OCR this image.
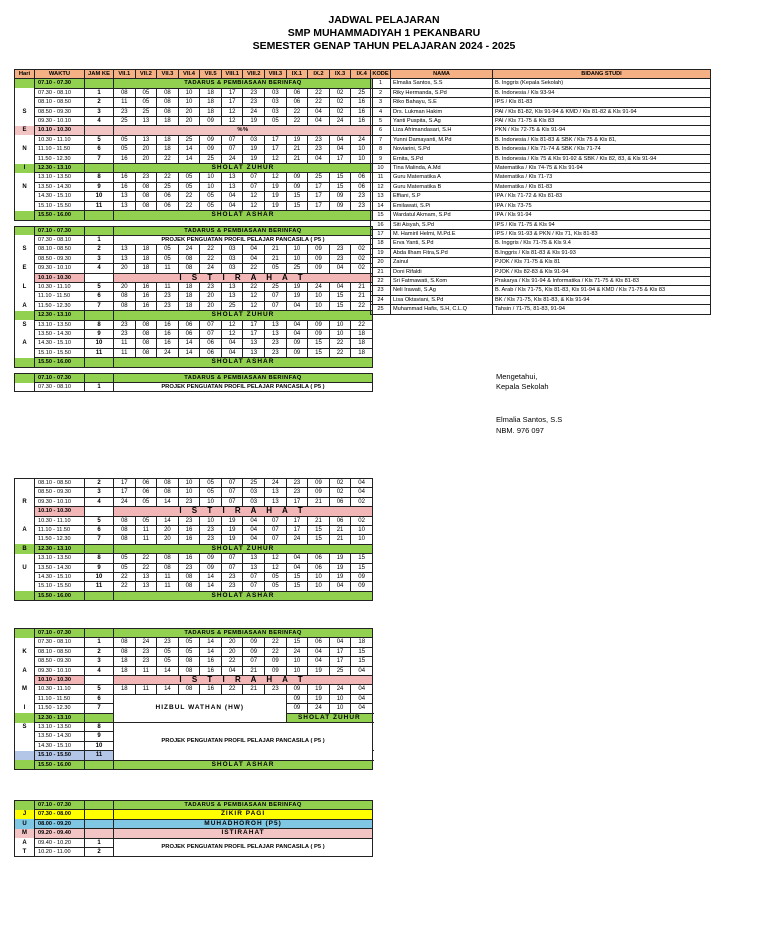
JADWAL PELAJARAN
SMP MUHAMMADIYAH 1 PEKANBARU
SEMESTER GENAP TAHUN PELAJARAN 2024 - 2025
Hari	WAKTU	JAM KE	VII.1	VII.2	VII.3	VII.4	VII.5	VIII.1	VIII.2	VIII.3	IX.1	IX.2	IX.3	IX.4
	07.10 - 07.30		TADARUS & PEMBIASAAN BERINFAQ											
	07.30 - 08.10	1	08	05	08	10	18	17	23	03	06	22	02	25
	08.10 - 08.50	2	11	05	08	10	18	17	23	03	06	22	02	16
S	08.50 - 09.30	3	23	25	08	20	18	12	24	03	22	04	02	16
	09.30 - 10.10	4	25	13	18	20	09	12	19	05	22	04	24	16
E	10.10 - 10.30		%%											
	10.30 - 11.10	5	05	13	18	25	09	07	03	17	19	23	04	24
N	11.10 - 11.50	6	05	20	18	14	09	07	19	17	21	23	04	10
	11.50 - 12.30	7	16	20	22	14	25	24	19	12	21	04	17	10
I	12.30 - 13.10		SHOLAT ZUHUR											
	13.10 - 13.50	8	16	23	22	05	10	13	07	12	09	25	15	06
N	13.50 - 14.30	9	16	08	25	05	10	13	07	19	09	17	15	06
	14.30 - 15.10	10	13	08	06	22	05	04	12	19	15	17	09	23
	15.10 - 15.50	11	13	08	06	22	05	04	12	19	15	17	09	23
	15.50 - 16.00		SHOLAT ASHAR											

	07.10 - 07.30		TADARUS & PEMBIASAAN BERINFAQ											
	07.30 - 08.10	1	PROJEK PENGUATAN PROFIL PELAJAR PANCASILA ( P5 )											
S	08.10 - 08.50	2	13	18	05	24	22	03	04	21	10	09	23	02
	08.50 - 09.30	3	13	18	05	08	22	03	04	21	10	09	23	02
E	09.30 - 10.10	4	20	18	11	08	24	03	22	05	25	09	04	02
	10.10 - 10.30		I S T I R A H A T											
L	10.30 - 11.10	5	20	16	11	18	23	13	22	25	19	24	04	21
	11.10 - 11.50	6	08	16	23	18	20	13	12	07	19	10	15	21
A	11.50 - 12.30	7	08	16	23	18	20	25	12	07	04	10	15	22
	12.30 - 13.10		SHOLAT ZUHUR											
S	13.10 - 13.50	8	23	08	16	06	07	12	17	13	04	09	10	22
	13.50 - 14.30	9	23	08	16	06	07	12	17	13	04	09	10	18
A	14.30 - 15.10	10	11	08	16	14	06	04	13	23	09	15	22	18
	15.10 - 15.50	11	11	08	24	14	06	04	13	23	09	15	22	18
	15.50 - 16.00		SHOLAT ASHAR											

	07.10 - 07.30		TADARUS & PEMBIASAAN BERINFAQ											
	07.30 - 08.10	1	PROJEK PENGUATAN PROFIL PELAJAR PANCASILA ( P5 )											
KODE	NAMA	BIDANG STUDI
1	Elmalia Santos, S.S	B. Inggris (Kepala Sekolah)
2	Riky Hermanda, S.Pd	B. Indonesia / Kls 93-94
3	Riko Bahayu, S.E	IPS / Kls 81-83
4	Drs. Lukman Hakim	PAI / Kls 81-82, Kls 91-94 & KMD / Kls 81-82 & Kls 91-94
5	Yanti Puspita, S.Ag	PAI / Kls 71-75 & Kls 83
6	Liza Afrimandasari, S.H	PKN / Kls 72-75 & Kls 91-94
7	Yunni Damayanti, M.Pd	B. Indonesia / Kls 81-83 & SBK / Kls 75 & Kls 81,
8	Noviarini, S.Pd	B. Indonesia / Kls 71-74 & SBK / Kls 71-74
9	Ernita, S.Pd	B. Indonesia / Kls 75 & Kls 91-92 & SBK / Kls 82, 83, & Kls 91-94
10	Tina Malinda, A.Md	Matematika / Kls 74-75 & Kls 91-94
11	Guru Matematika A	Matematika / Kls 71-73
12	Guru Matematika B	Matematika / Kls 81-83
13	Effiani, S.P	IPA / Kls 71-72 & Kls 81-83
14	Emilawati, S.Pi	IPA / Kls 73-75
15	Wardatul Akmam, S.Pd	IPA / Kls 91-94
16	Siti Aisyah, S.Pd	IPS / Kls 71-75 & Kls 94
17	M. Hamiril Helmi, M.Pd.E	IPS / Kls 91-93 & PKN / Kls 71, Kls 81-83
18	Erva Yanti, S.Pd	B. Inggris / Kls 71-75 & Kls 9.4
19	Abda Ilham Fitra,S.Pd	B.Inggris / Kls 81-83 & Kls 91-93
20	Zainul	PJOK / Kls 71-75 & Kls 81
21	Doni Rifaldi	PJOK / Kls 82-83 & Kls 91-94
22	Sri Fatmawati, S.Kom	Prakarya / Kls 91-94 & Informatika / Kls 71-75 & Kls 81-83
23	Neli Irawati, S.Ag	B. Arab / Kls 71-75, Kls 81-83, Kls 91-94 & KMD / Kls 71-75 & Kls 83
24	Lisa Oktaviani, S.Pd	BK / Kls 71-75, Kls 81-83, & Kls 91-94
25	Muhammad Hafis, S.H, C.L.Q	Tahsin / 71-75, 81-83, 91-94
Mengetahui,
Kepala Sekolah
Elmalia Santos, S.S
NBM. 976 097
	08.10 - 08.50	2	17	06	08	10	05	07	25	24	23	09	02	04
	08.50 - 09.30	3	17	06	08	10	05	07	03	13	23	09	02	04
R	09.30 - 10.10	4	24	05	14	23	10	07	03	13	17	21	06	02
	10.10 - 10.30		I S T I R A H A T											
	10.30 - 11.10	5	08	05	14	23	10	19	04	07	17	21	06	02
A	11.10 - 11.50	6	08	11	20	16	23	19	04	07	17	15	21	10
	11.50 - 12.30	7	08	11	20	16	23	19	04	07	24	15	21	10
B	12.30 - 13.10		SHOLAT ZUHUR											
	13.10 - 13.50	8	05	22	08	16	09	07	13	12	04	06	19	15
U	13.50 - 14.30	9	05	22	08	23	09	07	13	12	04	06	19	15
	14.30 - 15.10	10	22	13	11	08	14	23	07	05	15	10	19	09
	15.10 - 15.50	11	22	13	11	08	14	23	07	05	15	10	04	09
	15.50 - 16.00		SHOLAT ASHAR											
	07.10 - 07.30		TADARUS & PEMBIASAAN BERINFAQ												
	07.30 - 08.10	1	08	24	23	05	14	20	09	22	15	06	04	18	
K	08.10 - 08.50	2	08	23	05	05	14	20	09	22	24	04	17	15	
	08.50 - 09.30	3	18	23	05	08	16	22	07	09	10	04	17	15	
A	09.30 - 10.10	4	18	11	14	08	16	04	21	09	10	19	25	04	
	10.10 - 10.30		I S T I R A H A T												
M	10.30 - 11.10	5	18	11	14	08	16	22	21	23	09	19	24	04	
	11.10 - 11.50	6	HIZBUL WATHAN (HW)								09	19	10	04	
I	11.50 - 12.30	7									09	24	10	04	
	12.30 - 13.10										SHOLAT ZUHUR				
S	13.10 - 13.50	8	PROJEK PENGUATAN PROFIL PELAJAR PANCASILA ( P5 )												
	13.50 - 14.30	9													
	14.30 - 15.10	10													
	15.10 - 15.50	11	
	15.50 - 16.00		SHOLAT ASHAR												
	07.10 - 07.30		TADARUS & PEMBIASAAN BERINFAQ
J	07.30 - 08.00		ZIKIR PAGI
U	08.00 - 09.20		MUHADHOROH (P5)
M	09.20 - 09.40		ISTIRAHAT
A	09.40 - 10.20	1	PROJEK PENGUATAN PROFIL PELAJAR PANCASILA ( P5 )
T	10.20 - 11.00	2	
